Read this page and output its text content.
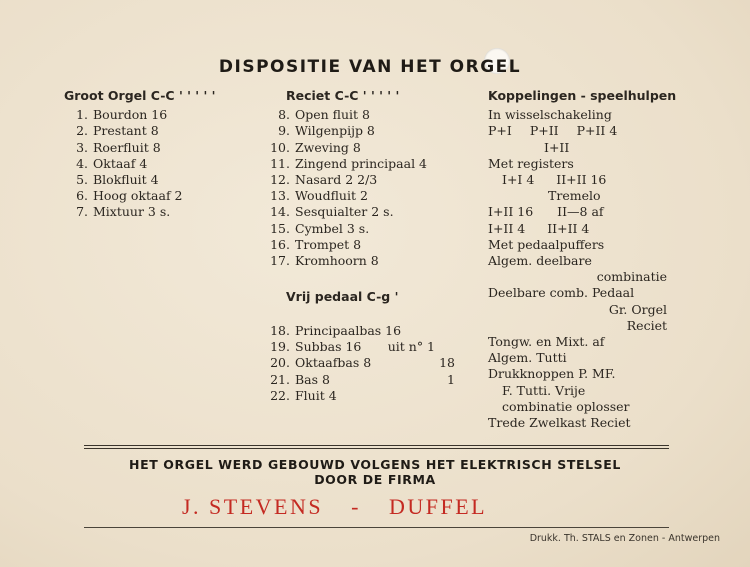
DISPOSITIE VAN HET ORGEL
Groot Orgel C-C ' ' ' ' '
1. Bourdon 16
2. Prestant 8
3. Roerfluit 8
4. Oktaaf 4
5. Blokfluit 4
6. Hoog oktaaf 2
7. Mixtuur 3 s.
Reciet C-C ' ' ' ' '
8. Open fluit 8
9. Wilgenpijp 8
10. Zweving 8
11. Zingend principaal 4
12. Nasard 2 2/3
13. Woudfluit 2
14. Sesquialter 2 s.
15. Cymbel 3 s.
16. Trompet 8
17. Kromhoorn 8
Vrij pedaal C-g '
18. Principaalbas 16
19. Subbas 16	uit n° 1
20. Oktaafbas 8	18
21. Bas 8	1
22. Fluit 4
Koppelingen - speelhulpen
In wisselschakeling
P+I P+II P+II 4
I+II
Met registers
I+I 4 II+II 16
Tremelo
I+II 16 II—8 af
I+II 4 II+II 4
Met pedaalpuffers
Algem. deelbare
combinatie
Deelbare comb. Pedaal
Gr. Orgel
Reciet
Tongw. en Mixt. af
Algem. Tutti
Drukknoppen P. MF.
F. Tutti. Vrije
combinatie oplosser
Trede Zwelkast Reciet
HET ORGEL WERD GEBOUWD VOLGENS HET ELEKTRISCH STELSEL
DOOR DE FIRMA
J. STEVENS - DUFFEL
Drukk. Th. STALS en Zonen - Antwerpen
